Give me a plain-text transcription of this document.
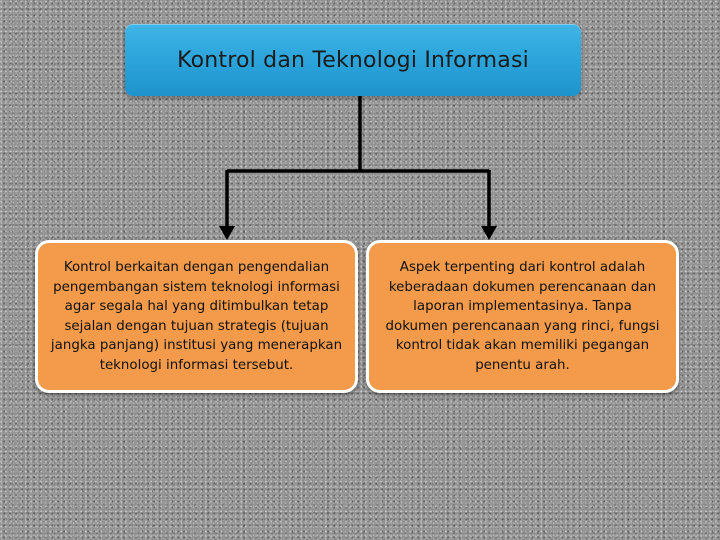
Kontrol dan Teknologi Informasi
Kontrol berkaitan dengan pengendalian pengembangan sistem teknologi informasi agar segala hal yang ditimbulkan tetap sejalan dengan tujuan strategis (tujuan jangka panjang) institusi yang menerapkan teknologi informasi tersebut.
Aspek terpenting dari kontrol adalah keberadaan dokumen perencanaan dan laporan implementasinya. Tanpa dokumen perencanaan yang rinci, fungsi kontrol tidak akan memiliki pegangan penentu arah.
